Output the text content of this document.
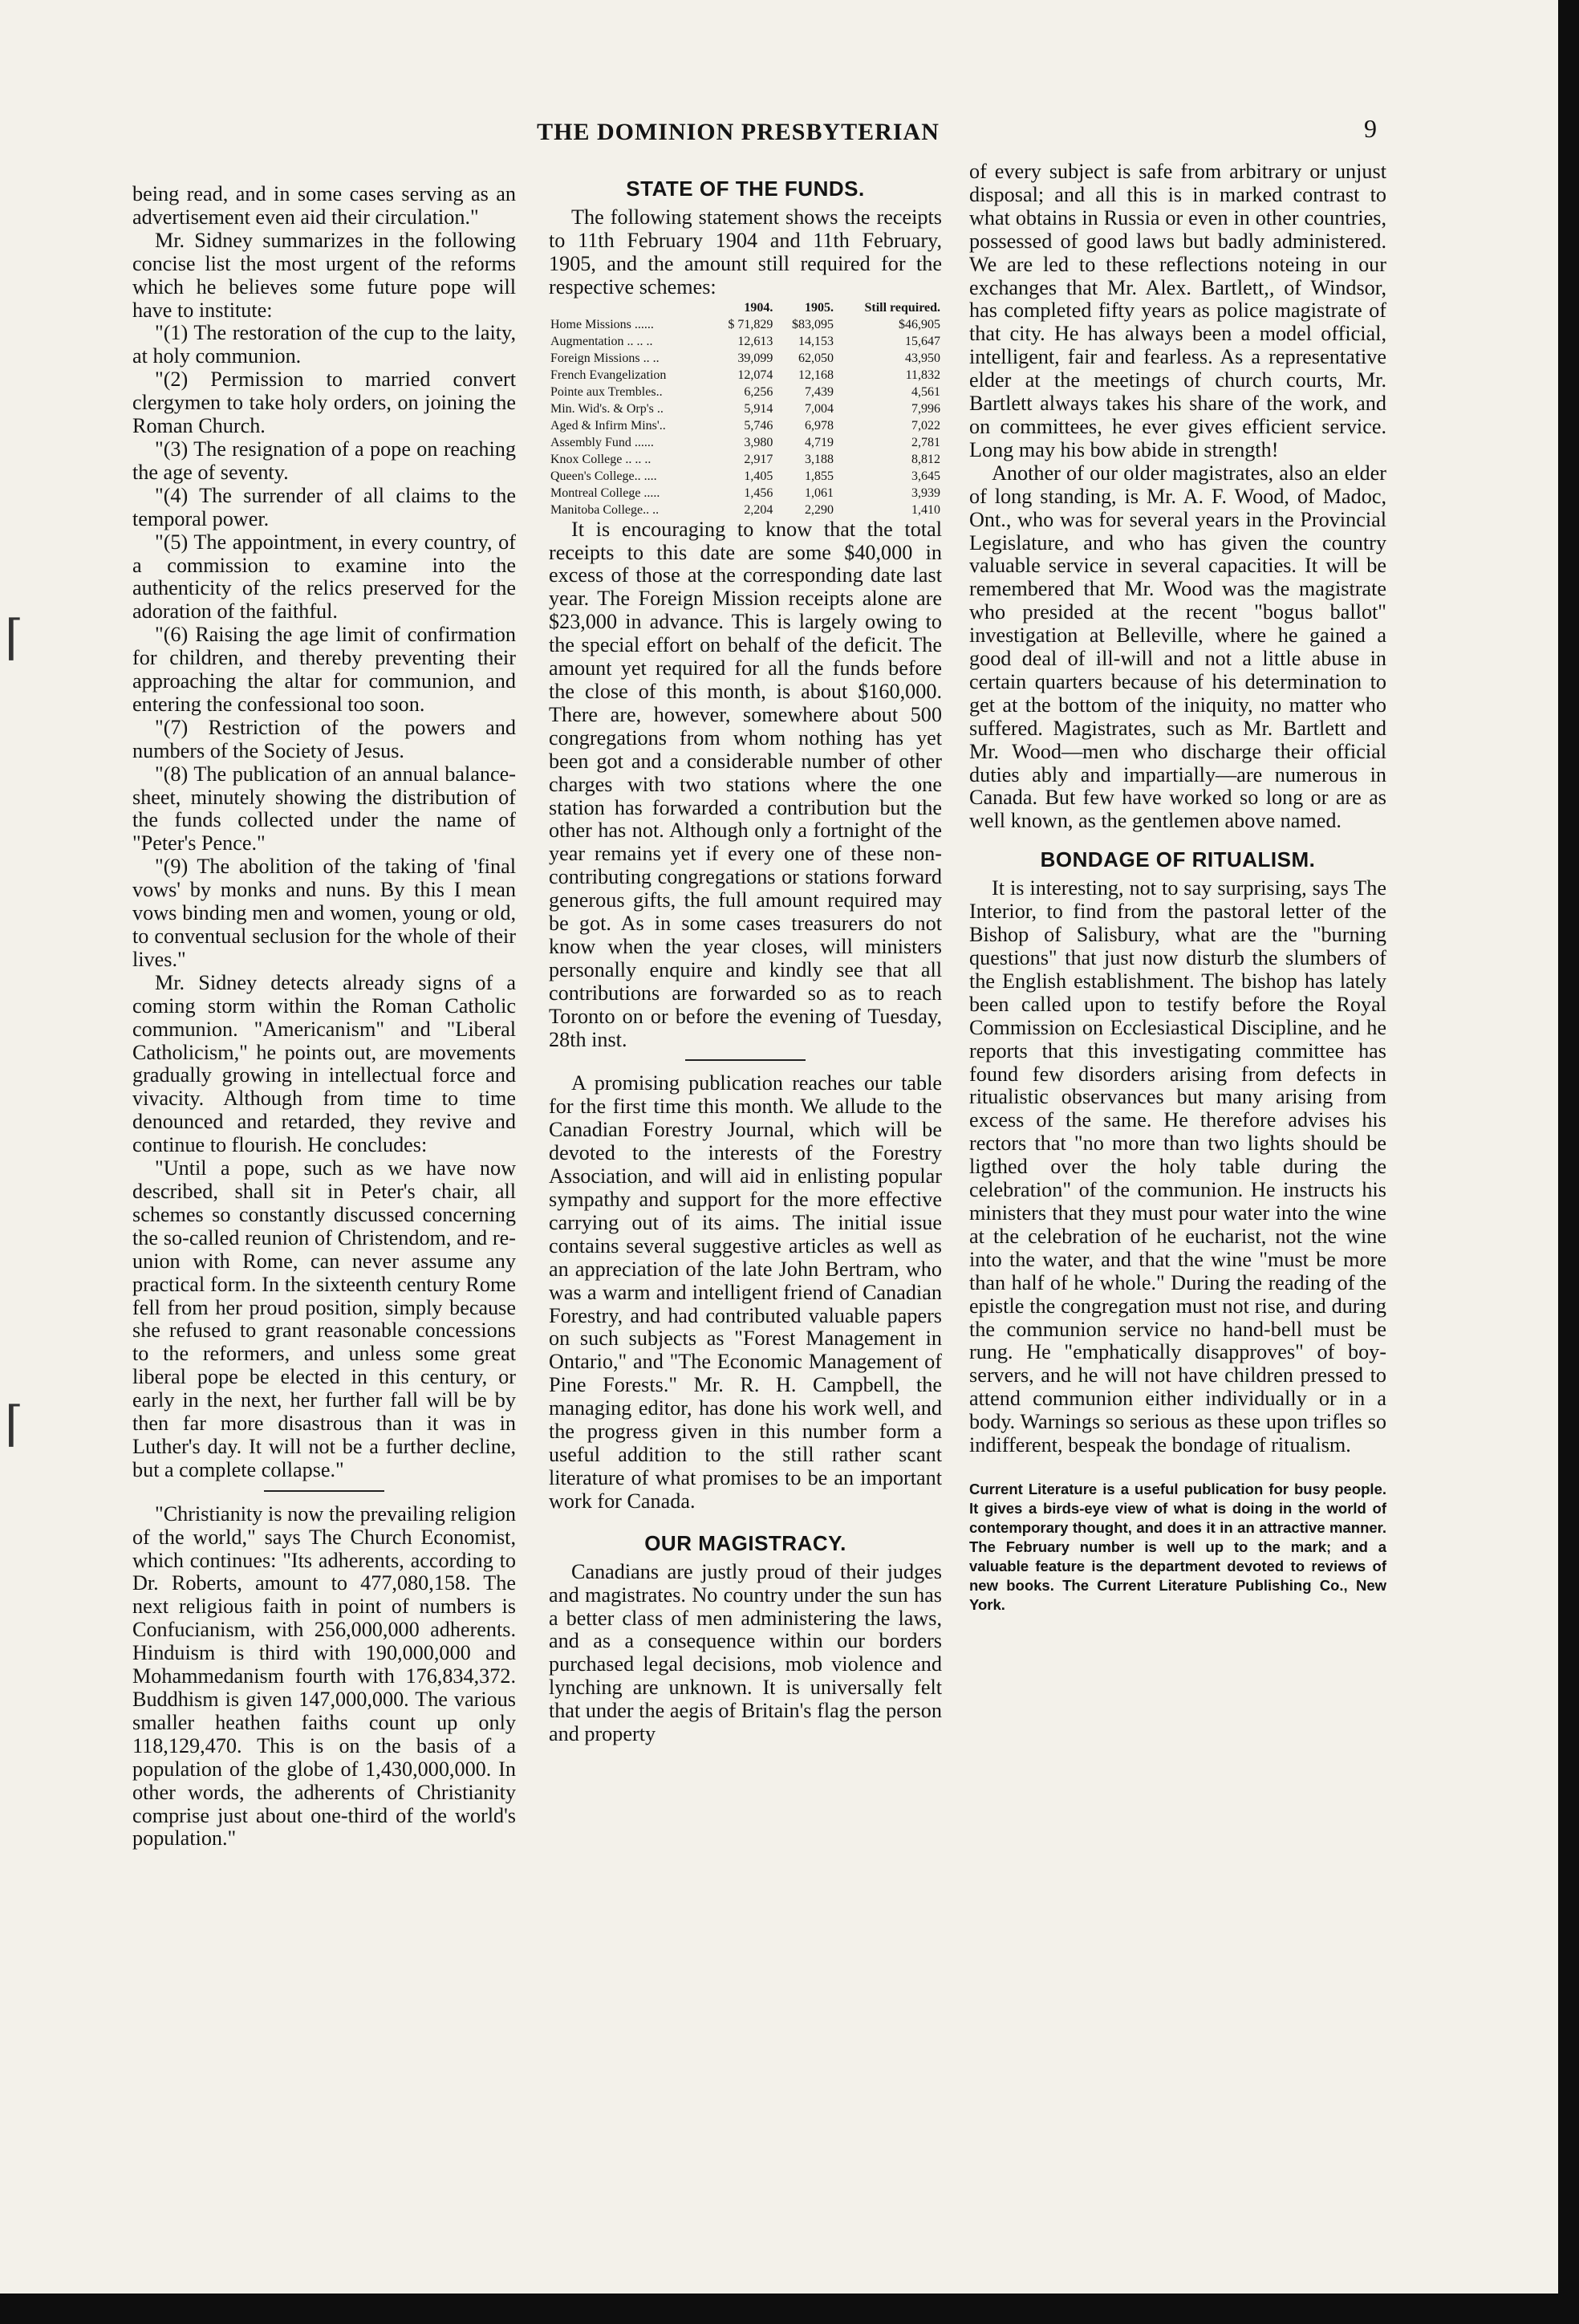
⌈
⌈
THE DOMINION PRESBYTERIAN	9

being read, and in some cases serving as an advertisement even aid their circulation."

Mr. Sidney summarizes in the following concise list the most urgent of the reforms which he believes some future pope will have to institute:

"(1) The restoration of the cup to the laity, at holy communion.

"(2) Permission to married convert clergymen to take holy orders, on joining the Roman Church.

"(3) The resignation of a pope on reaching the age of seventy.

"(4) The surrender of all claims to the temporal power.

"(5) The appointment, in every country, of a commission to examine into the authenticity of the relics preserved for the adoration of the faithful.

"(6) Raising the age limit of confirmation for children, and thereby preventing their approaching the altar for communion, and entering the confessional too soon.

"(7) Restriction of the powers and numbers of the Society of Jesus.

"(8) The publication of an annual balance-sheet, minutely showing the distribution of the funds collected under the name of "Peter's Pence."

"(9) The abolition of the taking of 'final vows' by monks and nuns. By this I mean vows binding men and women, young or old, to conventual seclusion for the whole of their lives."

Mr. Sidney detects already signs of a coming storm within the Roman Catholic communion. "Americanism" and "Liberal Catholicism," he points out, are movements gradually growing in intellectual force and vivacity. Although from time to time denounced and retarded, they revive and continue to flourish. He concludes:

"Until a pope, such as we have now described, shall sit in Peter's chair, all schemes so constantly discussed concerning the so-called reunion of Christendom, and re-union with Rome, can never assume any practical form. In the sixteenth century Rome fell from her proud position, simply because she refused to grant reasonable concessions to the reformers, and unless some great liberal pope be elected in this century, or early in the next, her further fall will be by then far more disastrous than it was in Luther's day. It will not be a further decline, but a complete collapse."

"Christianity is now the prevailing religion of the world," says The Church Economist, which continues: "Its adherents, according to Dr. Roberts, amount to 477,080,158. The next religious faith in point of numbers is Confucianism, with 256,000,000 adherents. Hinduism is third with 190,000,000 and Mohammedanism fourth with 176,834,372. Buddhism is given 147,000,000. The various smaller heathen faiths count up only 118,129,470. This is on the basis of a population of the globe of 1,430,000,000. In other words, the adherents of Christianity comprise just about one-third of the world's population."

STATE OF THE FUNDS.

The following statement shows the receipts to 11th February 1904 and 11th February, 1905, and the amount still required for the respective schemes:

	1904.	1905.	Still required.
Home Missions ......	$ 71,829	$83,095	$46,905
Augmentation .. .. ..	12,613	14,153	15,647
Foreign Missions .. ..	39,099	62,050	43,950
French Evangelization	12,074	12,168	11,832
Pointe aux Trembles..	6,256	7,439	4,561
Min. Wid's. & Orp's ..	5,914	7,004	7,996
Aged & Infirm Mins'..	5,746	6,978	7,022
Assembly Fund ......	3,980	4,719	2,781
Knox College .. .. ..	2,917	3,188	8,812
Queen's College.. ....	1,405	1,855	3,645
Montreal College .....	1,456	1,061	3,939
Manitoba College.. ..	2,204	2,290	1,410

It is encouraging to know that the total receipts to this date are some $40,000 in excess of those at the corresponding date last year. The Foreign Mission receipts alone are $23,000 in advance. This is largely owing to the special effort on behalf of the deficit. The amount yet required for all the funds before the close of this month, is about $160,000. There are, however, somewhere about 500 congregations from whom nothing has yet been got and a considerable number of other charges with two stations where the one station has forwarded a contribution but the other has not. Although only a fortnight of the year remains yet if every one of these non-contributing congregations or stations forward generous gifts, the full amount required may be got. As in some cases treasurers do not know when the year closes, will ministers personally enquire and kindly see that all contributions are forwarded so as to reach Toronto on or before the evening of Tuesday, 28th inst.

A promising publication reaches our table for the first time this month. We allude to the Canadian Forestry Journal, which will be devoted to the interests of the Forestry Association, and will aid in enlisting popular sympathy and support for the more effective carrying out of its aims. The initial issue contains several suggestive articles as well as an appreciation of the late John Bertram, who was a warm and intelligent friend of Canadian Forestry, and had contributed valuable papers on such subjects as "Forest Management in Ontario," and "The Economic Management of Pine Forests." Mr. R. H. Campbell, the managing editor, has done his work well, and the progress given in this number form a useful addition to the still rather scant literature of what promises to be an important work for Canada.

OUR MAGISTRACY.

Canadians are justly proud of their judges and magistrates. No country under the sun has a better class of men administering the laws, and as a consequence within our borders purchased legal decisions, mob violence and lynching are unknown. It is universally felt that under the aegis of Britain's flag the person and property

of every subject is safe from arbitrary or unjust disposal; and all this is in marked contrast to what obtains in Russia or even in other countries, possessed of good laws but badly administered. We are led to these reflections noteing in our exchanges that Mr. Alex. Bartlett,, of Windsor, has completed fifty years as police magistrate of that city. He has always been a model official, intelligent, fair and fearless. As a representative elder at the meetings of church courts, Mr. Bartlett always takes his share of the work, and on committees, he ever gives efficient service. Long may his bow abide in strength!

Another of our older magistrates, also an elder of long standing, is Mr. A. F. Wood, of Madoc, Ont., who was for several years in the Provincial Legislature, and who has given the country valuable service in several capacities. It will be remembered that Mr. Wood was the magistrate who presided at the recent "bogus ballot" investigation at Belleville, where he gained a good deal of ill-will and not a little abuse in certain quarters because of his determination to get at the bottom of the iniquity, no matter who suffered. Magistrates, such as Mr. Bartlett and Mr. Wood—men who discharge their official duties ably and impartially—are numerous in Canada. But few have worked so long or are as well known, as the gentlemen above named.

BONDAGE OF RITUALISM.

It is interesting, not to say surprising, says The Interior, to find from the pastoral letter of the Bishop of Salisbury, what are the "burning questions" that just now disturb the slumbers of the English establishment. The bishop has lately been called upon to testify before the Royal Commission on Ecclesiastical Discipline, and he reports that this investigating committee has found few disorders arising from defects in ritualistic observances but many arising from excess of the same. He therefore advises his rectors that "no more than two lights should be ligthed over the holy table during the celebration" of the communion. He instructs his ministers that they must pour water into the wine at the celebration of he eucharist, not the wine into the water, and that the wine "must be more than half of he whole." During the reading of the epistle the congregation must not rise, and during the communion service no hand-bell must be rung. He "emphatically disapproves" of boy-servers, and he will not have children pressed to attend communion either individually or in a body. Warnings so serious as these upon trifles so indifferent, bespeak the bondage of ritualism.

Current Literature is a useful publication for busy people. It gives a birds-eye view of what is doing in the world of contemporary thought, and does it in an attractive manner. The February number is well up to the mark; and a valuable feature is the department devoted to reviews of new books. The Current Literature Publishing Co., New York.
